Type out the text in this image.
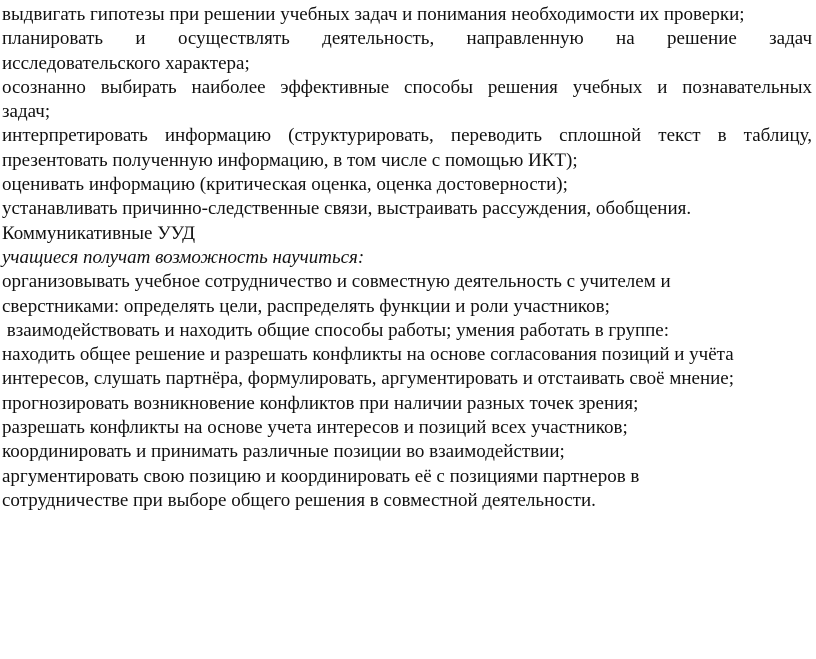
выдвигать гипотезы при решении учебных задач и понимания необходимости их проверки;
планировать и осуществлять деятельность, направленную на решение задач
исследовательского характера;
осознанно выбирать наиболее эффективные способы решения учебных и познавательных
задач;
интерпретировать информацию (структурировать, переводить сплошной текст в таблицу,
презентовать полученную информацию, в том числе с помощью ИКТ);
оценивать информацию (критическая оценка, оценка достоверности);
устанавливать причинно-следственные связи, выстраивать рассуждения, обобщения.
Коммуникативные УУД
учащиеся получат возможность научиться:
организовывать учебное сотрудничество и совместную деятельность с учителем и
сверстниками: определять цели, распределять функции и роли участников;
взаимодействовать и находить общие способы работы; умения работать в группе:
находить общее решение и разрешать конфликты на основе согласования позиций и учёта
интересов, слушать партнёра, формулировать, аргументировать и отстаивать своё мнение;
прогнозировать возникновение конфликтов при наличии разных точек зрения;
разрешать конфликты на основе учета интересов и позиций всех участников;
координировать и принимать различные позиции во взаимодействии;
аргументировать свою позицию и координировать её с позициями партнеров в
сотрудничестве при выборе общего решения в совместной деятельности.
